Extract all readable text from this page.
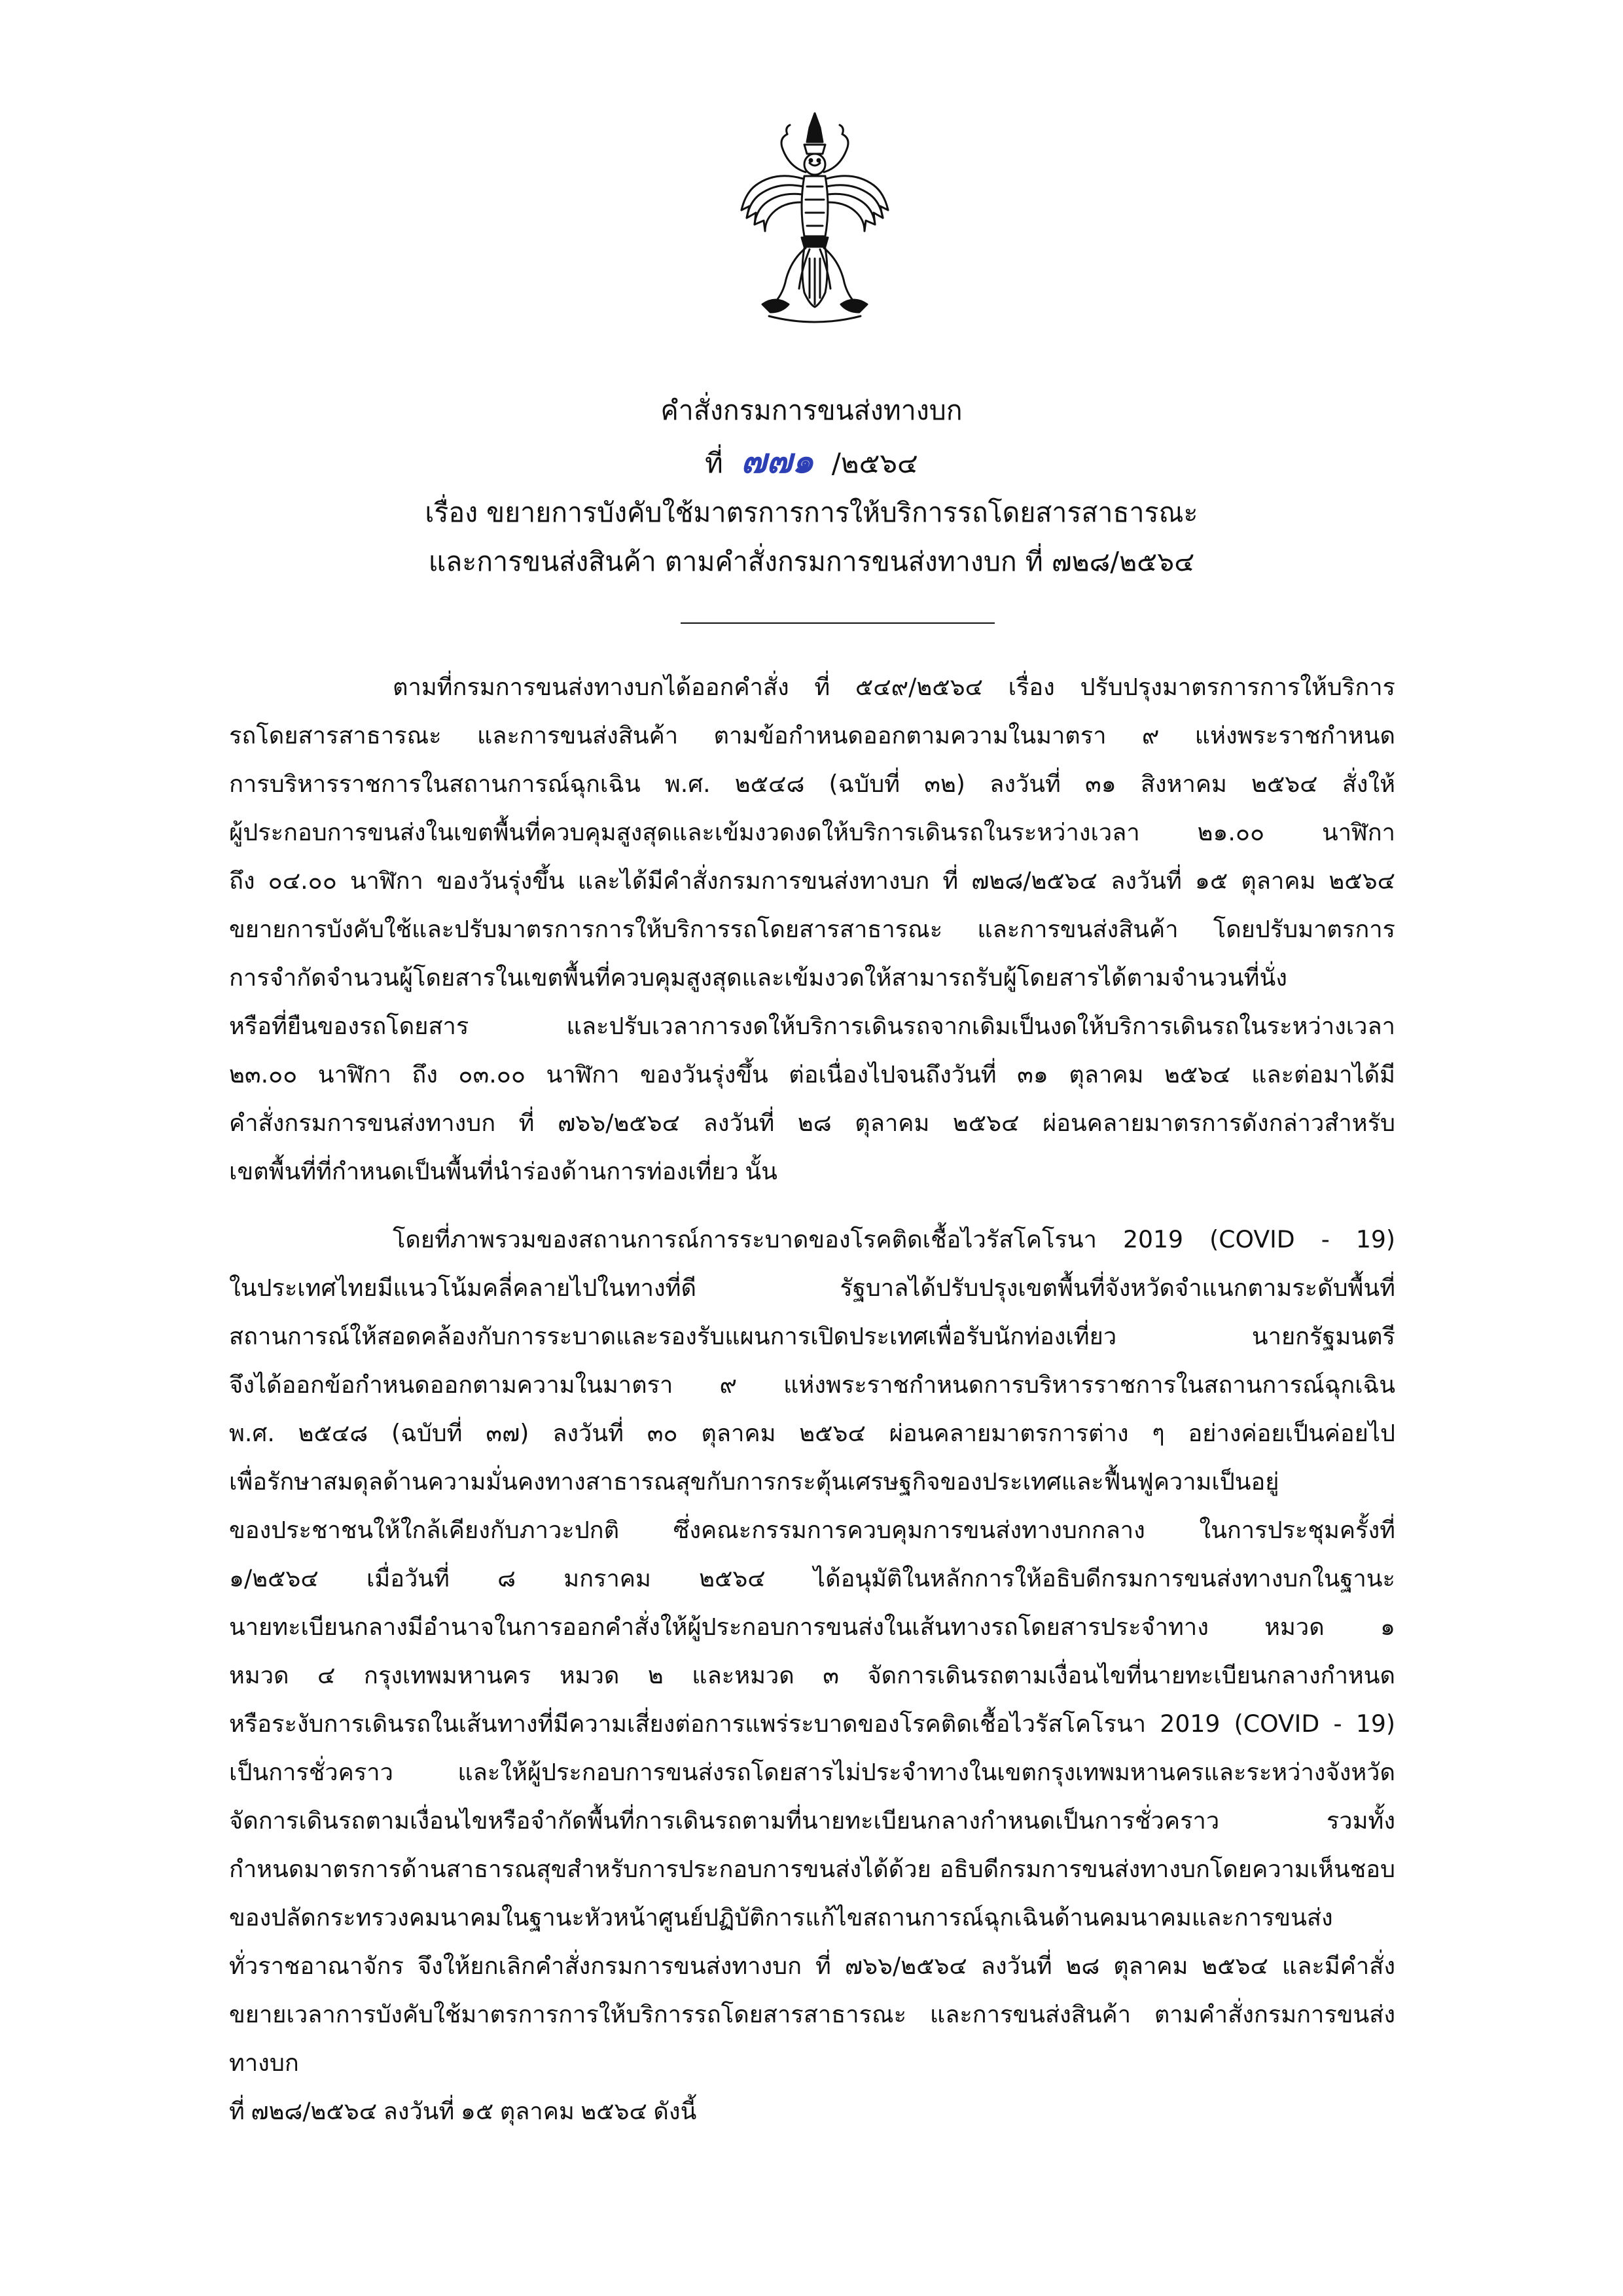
คำสั่งกรมการขนส่งทางบก
ที่ ๗๗๑ /๒๕๖๔
เรื่อง ขยายการบังคับใช้มาตรการการให้บริการรถโดยสารสาธารณะ
และการขนส่งสินค้า ตามคำสั่งกรมการขนส่งทางบก ที่ ๗๒๘/๒๕๖๔
ตามที่กรมการขนส่งทางบกได้ออกคำสั่ง ที่ ๕๔๙/๒๕๖๔ เรื่อง ปรับปรุงมาตรการการให้บริการ
รถโดยสารสาธารณะ และการขนส่งสินค้า ตามข้อกำหนดออกตามความในมาตรา ๙ แห่งพระราชกำหนด
การบริหารราชการในสถานการณ์ฉุกเฉิน พ.ศ. ๒๕๔๘ (ฉบับที่ ๓๒) ลงวันที่ ๓๑ สิงหาคม ๒๕๖๔ สั่งให้
ผู้ประกอบการขนส่งในเขตพื้นที่ควบคุมสูงสุดและเข้มงวดงดให้บริการเดินรถในระหว่างเวลา ๒๑.๐๐ นาฬิกา
ถึง ๐๔.๐๐ นาฬิกา ของวันรุ่งขึ้น และได้มีคำสั่งกรมการขนส่งทางบก ที่ ๗๒๘/๒๕๖๔ ลงวันที่ ๑๕ ตุลาคม ๒๕๖๔
ขยายการบังคับใช้และปรับมาตรการการให้บริการรถโดยสารสาธารณะ และการขนส่งสินค้า โดยปรับมาตรการ
การจำกัดจำนวนผู้โดยสารในเขตพื้นที่ควบคุมสูงสุดและเข้มงวดให้สามารถรับผู้โดยสารได้ตามจำนวนที่นั่ง
หรือที่ยืนของรถโดยสาร และปรับเวลาการงดให้บริการเดินรถจากเดิมเป็นงดให้บริการเดินรถในระหว่างเวลา
๒๓.๐๐ นาฬิกา ถึง ๐๓.๐๐ นาฬิกา ของวันรุ่งขึ้น ต่อเนื่องไปจนถึงวันที่ ๓๑ ตุลาคม ๒๕๖๔ และต่อมาได้มี
คำสั่งกรมการขนส่งทางบก ที่ ๗๖๖/๒๕๖๔ ลงวันที่ ๒๘ ตุลาคม ๒๕๖๔ ผ่อนคลายมาตรการดังกล่าวสำหรับ
เขตพื้นที่ที่กำหนดเป็นพื้นที่นำร่องด้านการท่องเที่ยว นั้น
โดยที่ภาพรวมของสถานการณ์การระบาดของโรคติดเชื้อไวรัสโคโรนา 2019 (COVID - 19)
ในประเทศไทยมีแนวโน้มคลี่คลายไปในทางที่ดี รัฐบาลได้ปรับปรุงเขตพื้นที่จังหวัดจำแนกตามระดับพื้นที่
สถานการณ์ให้สอดคล้องกับการระบาดและรองรับแผนการเปิดประเทศเพื่อรับนักท่องเที่ยว นายกรัฐมนตรี
จึงได้ออกข้อกำหนดออกตามความในมาตรา ๙ แห่งพระราชกำหนดการบริหารราชการในสถานการณ์ฉุกเฉิน
พ.ศ. ๒๕๔๘ (ฉบับที่ ๓๗) ลงวันที่ ๓๐ ตุลาคม ๒๕๖๔ ผ่อนคลายมาตรการต่าง ๆ อย่างค่อยเป็นค่อยไป
เพื่อรักษาสมดุลด้านความมั่นคงทางสาธารณสุขกับการกระตุ้นเศรษฐกิจของประเทศและฟื้นฟูความเป็นอยู่
ของประชาชนให้ใกล้เคียงกับภาวะปกติ ซึ่งคณะกรรมการควบคุมการขนส่งทางบกกลาง ในการประชุมครั้งที่
๑/๒๕๖๔ เมื่อวันที่ ๘ มกราคม ๒๕๖๔ ได้อนุมัติในหลักการให้อธิบดีกรมการขนส่งทางบกในฐานะ
นายทะเบียนกลางมีอำนาจในการออกคำสั่งให้ผู้ประกอบการขนส่งในเส้นทางรถโดยสารประจำทาง หมวด ๑
หมวด ๔ กรุงเทพมหานคร หมวด ๒ และหมวด ๓ จัดการเดินรถตามเงื่อนไขที่นายทะเบียนกลางกำหนด
หรือระงับการเดินรถในเส้นทางที่มีความเสี่ยงต่อการแพร่ระบาดของโรคติดเชื้อไวรัสโคโรนา 2019 (COVID - 19)
เป็นการชั่วคราว และให้ผู้ประกอบการขนส่งรถโดยสารไม่ประจำทางในเขตกรุงเทพมหานครและระหว่างจังหวัด
จัดการเดินรถตามเงื่อนไขหรือจำกัดพื้นที่การเดินรถตามที่นายทะเบียนกลางกำหนดเป็นการชั่วคราว รวมทั้ง
กำหนดมาตรการด้านสาธารณสุขสำหรับการประกอบการขนส่งได้ด้วย อธิบดีกรมการขนส่งทางบกโดยความเห็นชอบ
ของปลัดกระทรวงคมนาคมในฐานะหัวหน้าศูนย์ปฏิบัติการแก้ไขสถานการณ์ฉุกเฉินด้านคมนาคมและการขนส่ง
ทั่วราชอาณาจักร จึงให้ยกเลิกคำสั่งกรมการขนส่งทางบก ที่ ๗๖๖/๒๕๖๔ ลงวันที่ ๒๘ ตุลาคม ๒๕๖๔ และมีคำสั่ง
ขยายเวลาการบังคับใช้มาตรการการให้บริการรถโดยสารสาธารณะ และการขนส่งสินค้า ตามคำสั่งกรมการขนส่งทางบก
ที่ ๗๒๘/๒๕๖๔ ลงวันที่ ๑๕ ตุลาคม ๒๕๖๔ ดังนี้
